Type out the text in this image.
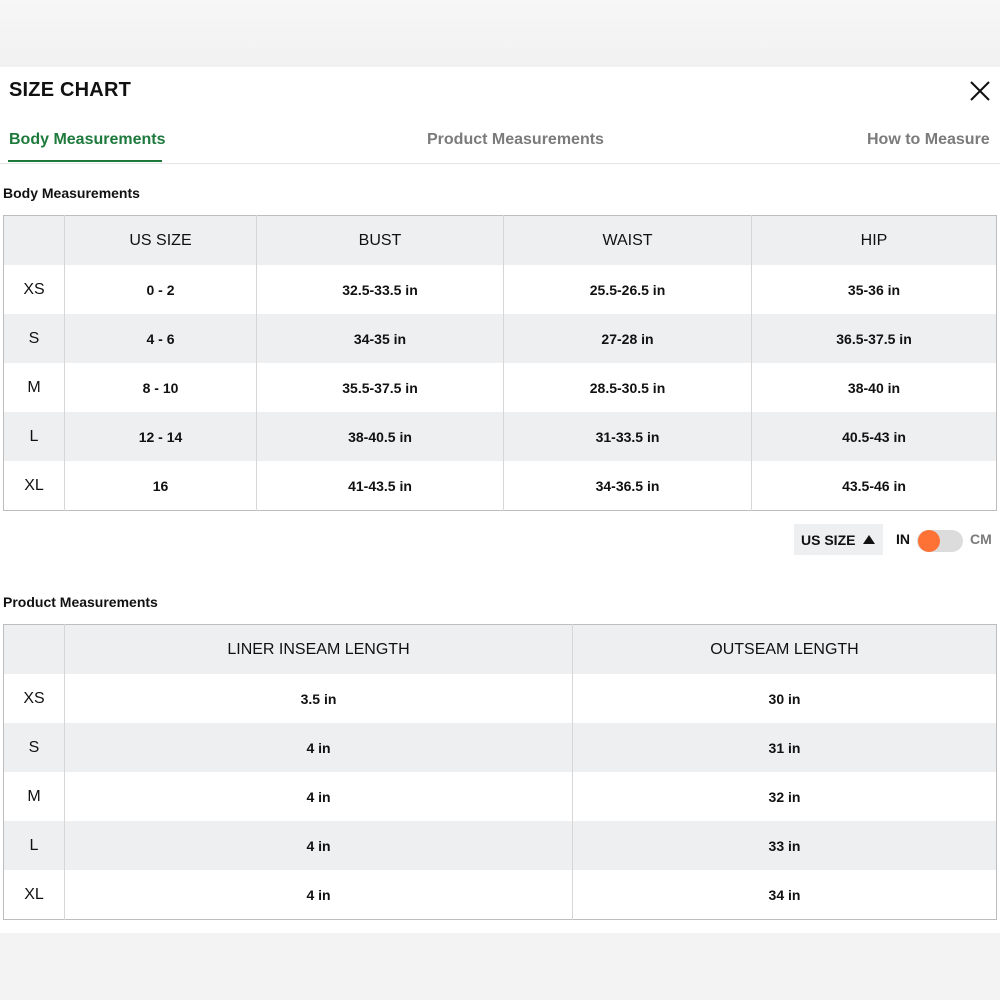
SIZE CHART
Body Measurements	Product Measurements	How to Measure
Body Measurements
	US SIZE	BUST	WAIST	HIP
XS	0 - 2	32.5-33.5 in	25.5-26.5 in	35-36 in
S	4 - 6	34-35 in	27-28 in	36.5-37.5 in
M	8 - 10	35.5-37.5 in	28.5-30.5 in	38-40 in
L	12 - 14	38-40.5 in	31-33.5 in	40.5-43 in
XL	16	41-43.5 in	34-36.5 in	43.5-46 in
US SIZE	IN	CM
Product Measurements
	LINER INSEAM LENGTH	OUTSEAM LENGTH
XS	3.5 in	30 in
S	4 in	31 in
M	4 in	32 in
L	4 in	33 in
XL	4 in	34 in
